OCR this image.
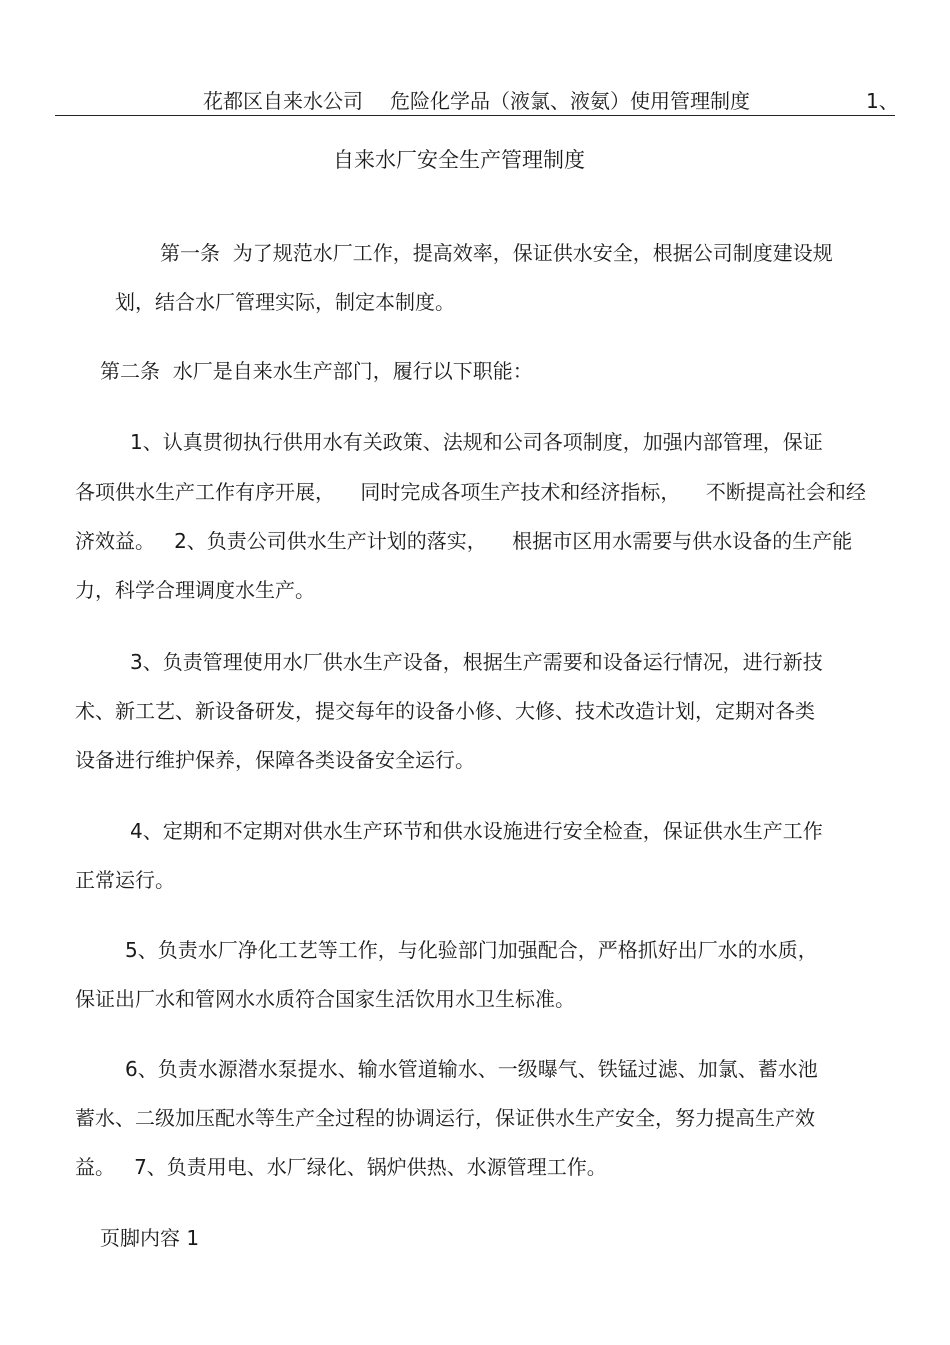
花都区自来水公司 危险化学品（液氯、液氨）使用管理制度	1、
自来水厂安全生产管理制度
第一条  为了规范水厂工作，提高效率，保证供水安全，根据公司制度建设规
划，结合水厂管理实际，制定本制度。
第二条  水厂是自来水生产部门，履行以下职能：
1、认真贯彻执行供用水有关政策、法规和公司各项制度，加强内部管理，保证
各项供水生产工作有序开展，    同时完成各项生产技术和经济指标，    不断提高社会和经
济效益。   2、负责公司供水生产计划的落实，    根据市区用水需要与供水设备的生产能
力，科学合理调度水生产。
3、负责管理使用水厂供水生产设备，根据生产需要和设备运行情况，进行新技
术、新工艺、新设备研发，提交每年的设备小修、大修、技术改造计划，定期对各类
设备进行维护保养，保障各类设备安全运行。
4、定期和不定期对供水生产环节和供水设施进行安全检查，保证供水生产工作
正常运行。
5、负责水厂净化工艺等工作，与化验部门加强配合，严格抓好出厂水的水质，
保证出厂水和管网水水质符合国家生活饮用水卫生标准。
6、负责水源潜水泵提水、输水管道输水、一级曝气、铁锰过滤、加氯、蓄水池
蓄水、二级加压配水等生产全过程的协调运行，保证供水生产安全，努力提高生产效
益。   7、负责用电、水厂绿化、锅炉供热、水源管理工作。
页脚内容 1
